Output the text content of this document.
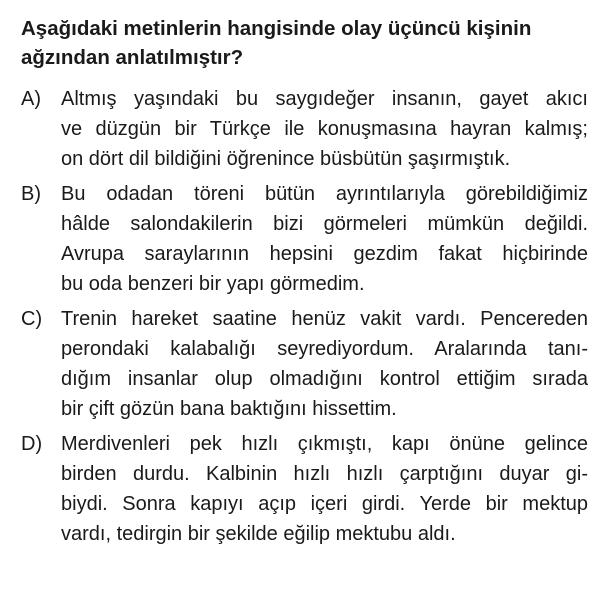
Aşağıdaki metinlerin hangisinde olay üçüncü kişinin
ağzından anlatılmıştır?
A) Altmış yaşındaki bu saygıdeğer insanın, gayet akıcı
ve düzgün bir Türkçe ile konuşmasına hayran kalmış;
on dört dil bildiğini öğrenince büsbütün şaşırmıştık.
B) Bu odadan töreni bütün ayrıntılarıyla görebildiğimiz
hâlde salondakilerin bizi görmeleri mümkün değildi.
Avrupa saraylarının hepsini gezdim fakat hiçbirinde
bu oda benzeri bir yapı görmedim.
C) Trenin hareket saatine henüz vakit vardı. Pencereden
perondaki kalabalığı seyrediyordum. Aralarında tanı-
dığım insanlar olup olmadığını kontrol ettiğim sırada
bir çift gözün bana baktığını hissettim.
D) Merdivenleri pek hızlı çıkmıştı, kapı önüne gelince
birden durdu. Kalbinin hızlı hızlı çarptığını duyar gi-
biydi. Sonra kapıyı açıp içeri girdi. Yerde bir mektup
vardı, tedirgin bir şekilde eğilip mektubu aldı.
